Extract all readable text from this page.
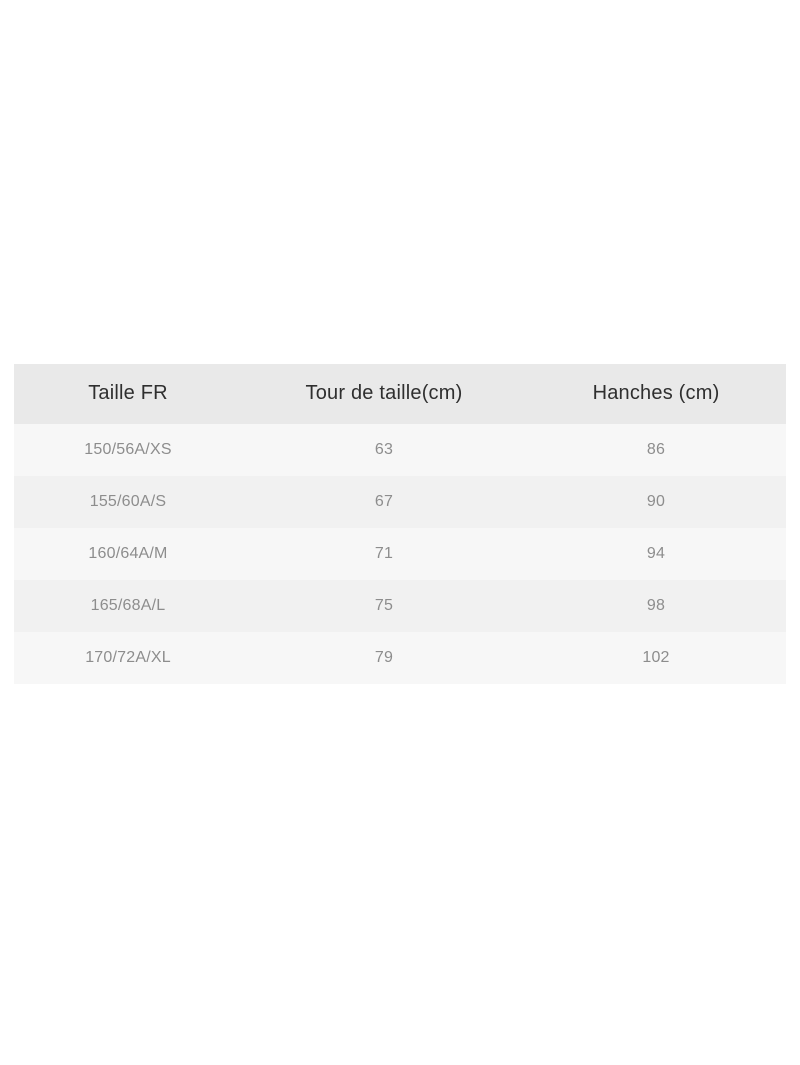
Taille FR	Tour de taille(cm)	Hanches (cm)
150/56A/XS	63	86
155/60A/S	67	90
160/64A/M	71	94
165/68A/L	75	98
170/72A/XL	79	102
